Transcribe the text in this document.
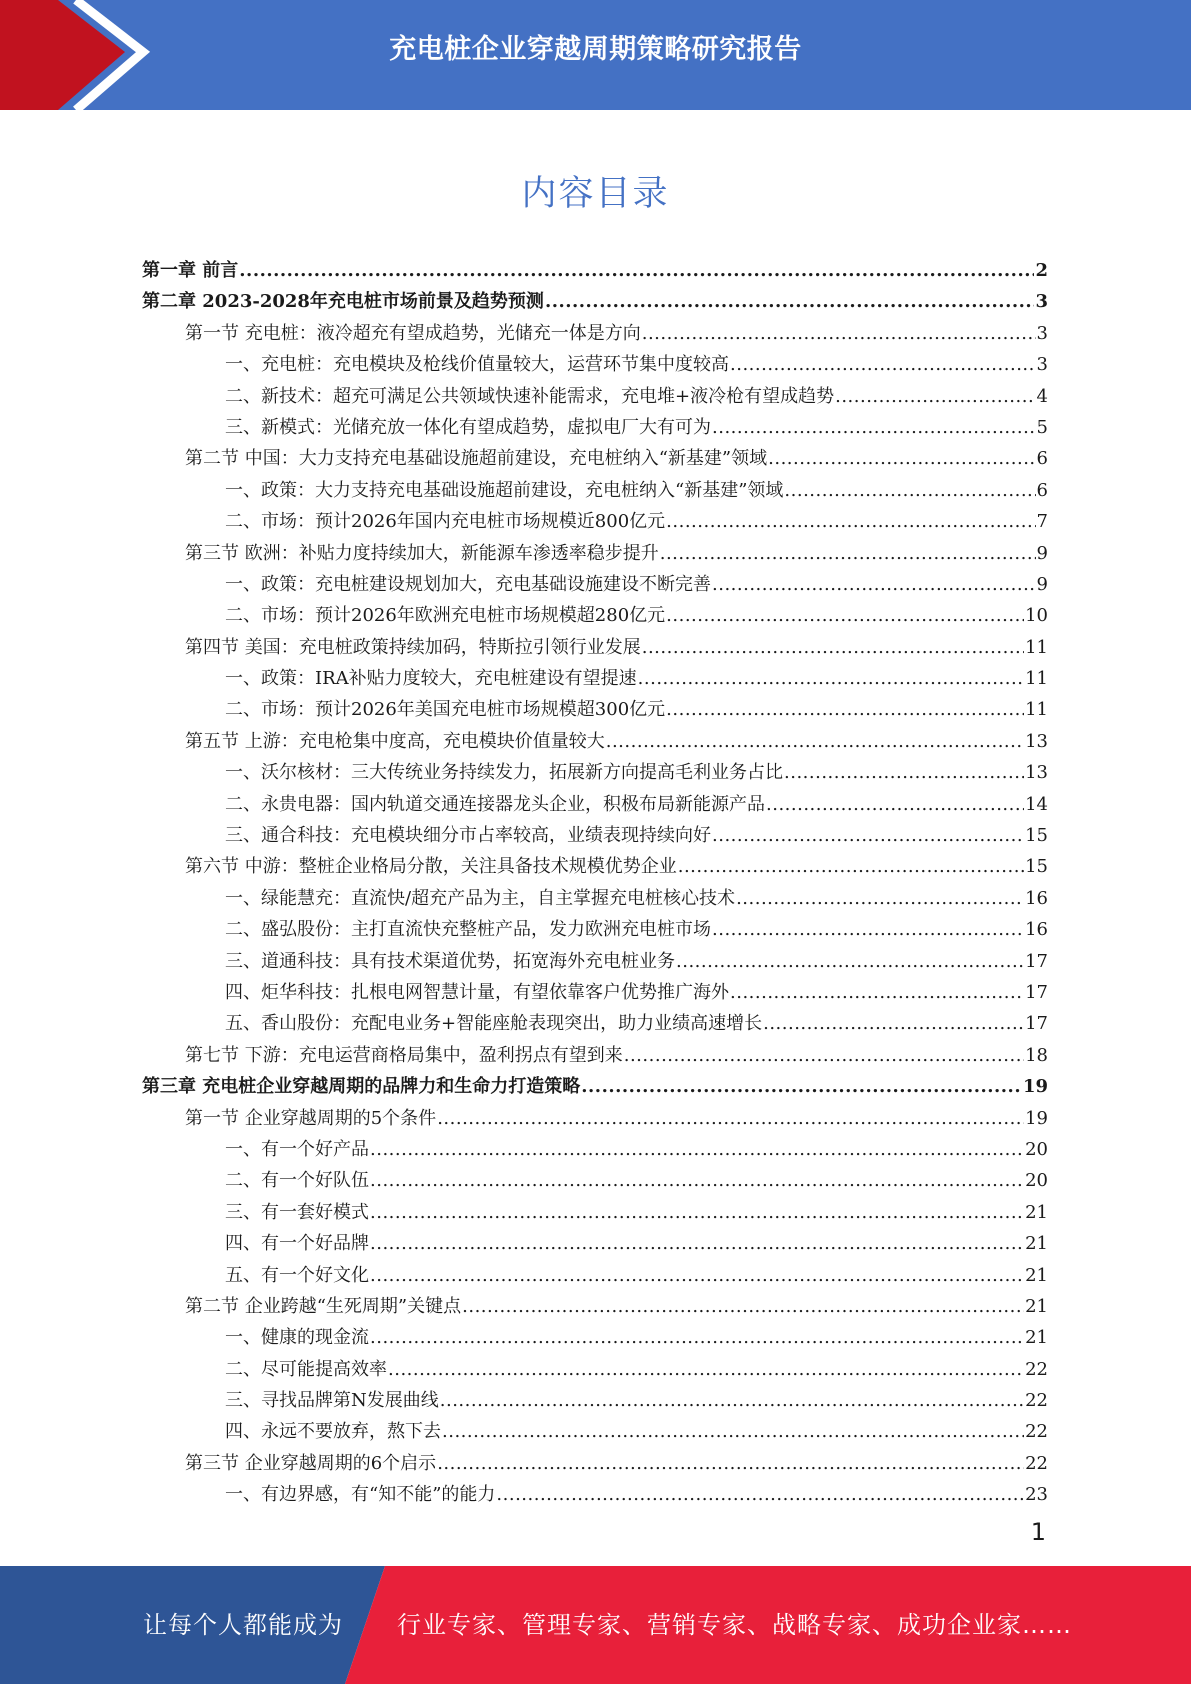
充电桩企业穿越周期策略研究报告
内容目录
第一章 前言 .....	2
第二章 2023-2028年充电桩市场前景及趋势预测 .....	3
第一节 充电桩：液冷超充有望成趋势，光储充一体是方向 .....	3
一、充电桩：充电模块及枪线价值量较大，运营环节集中度较高 .....	3
二、新技术：超充可满足公共领域快速补能需求，充电堆+液冷枪有望成趋势 .....	4
三、新模式：光储充放一体化有望成趋势，虚拟电厂大有可为 .....	5
第二节 中国：大力支持充电基础设施超前建设，充电桩纳入“新基建”领域 .....	6
一、政策：大力支持充电基础设施超前建设，充电桩纳入“新基建”领域 .....	6
二、市场：预计2026年国内充电桩市场规模近800亿元 .....	7
第三节 欧洲：补贴力度持续加大，新能源车渗透率稳步提升 .....	9
一、政策：充电桩建设规划加大，充电基础设施建设不断完善 .....	9
二、市场：预计2026年欧洲充电桩市场规模超280亿元 .....	10
第四节 美国：充电桩政策持续加码，特斯拉引领行业发展 .....	11
一、政策：IRA补贴力度较大，充电桩建设有望提速 .....	11
二、市场：预计2026年美国充电桩市场规模超300亿元 .....	11
第五节 上游：充电枪集中度高，充电模块价值量较大 .....	13
一、沃尔核材：三大传统业务持续发力，拓展新方向提高毛利业务占比 .....	13
二、永贵电器：国内轨道交通连接器龙头企业，积极布局新能源产品 .....	14
三、通合科技：充电模块细分市占率较高，业绩表现持续向好 .....	15
第六节 中游：整桩企业格局分散，关注具备技术规模优势企业 .....	15
一、绿能慧充：直流快/超充产品为主，自主掌握充电桩核心技术 .....	16
二、盛弘股份：主打直流快充整桩产品，发力欧洲充电桩市场 .....	16
三、道通科技：具有技术渠道优势，拓宽海外充电桩业务 .....	17
四、炬华科技：扎根电网智慧计量，有望依靠客户优势推广海外 .....	17
五、香山股份：充配电业务+智能座舱表现突出，助力业绩高速增长 .....	17
第七节 下游：充电运营商格局集中，盈利拐点有望到来 .....	18
第三章 充电桩企业穿越周期的品牌力和生命力打造策略 .....	19
第一节 企业穿越周期的5个条件 .....	19
一、有一个好产品 .....	20
二、有一个好队伍 .....	20
三、有一套好模式 .....	21
四、有一个好品牌 .....	21
五、有一个好文化 .....	21
第二节 企业跨越“生死周期”关键点 .....	21
一、健康的现金流 .....	21
二、尽可能提高效率 .....	22
三、寻找品牌第N发展曲线 .....	22
四、永远不要放弃，熬下去 .....	22
第三节 企业穿越周期的6个启示 .....	22
一、有边界感，有“知不能”的能力 .....	23
1
让每个人都能成为 行业专家、管理专家、营销专家、战略专家、成功企业家……
